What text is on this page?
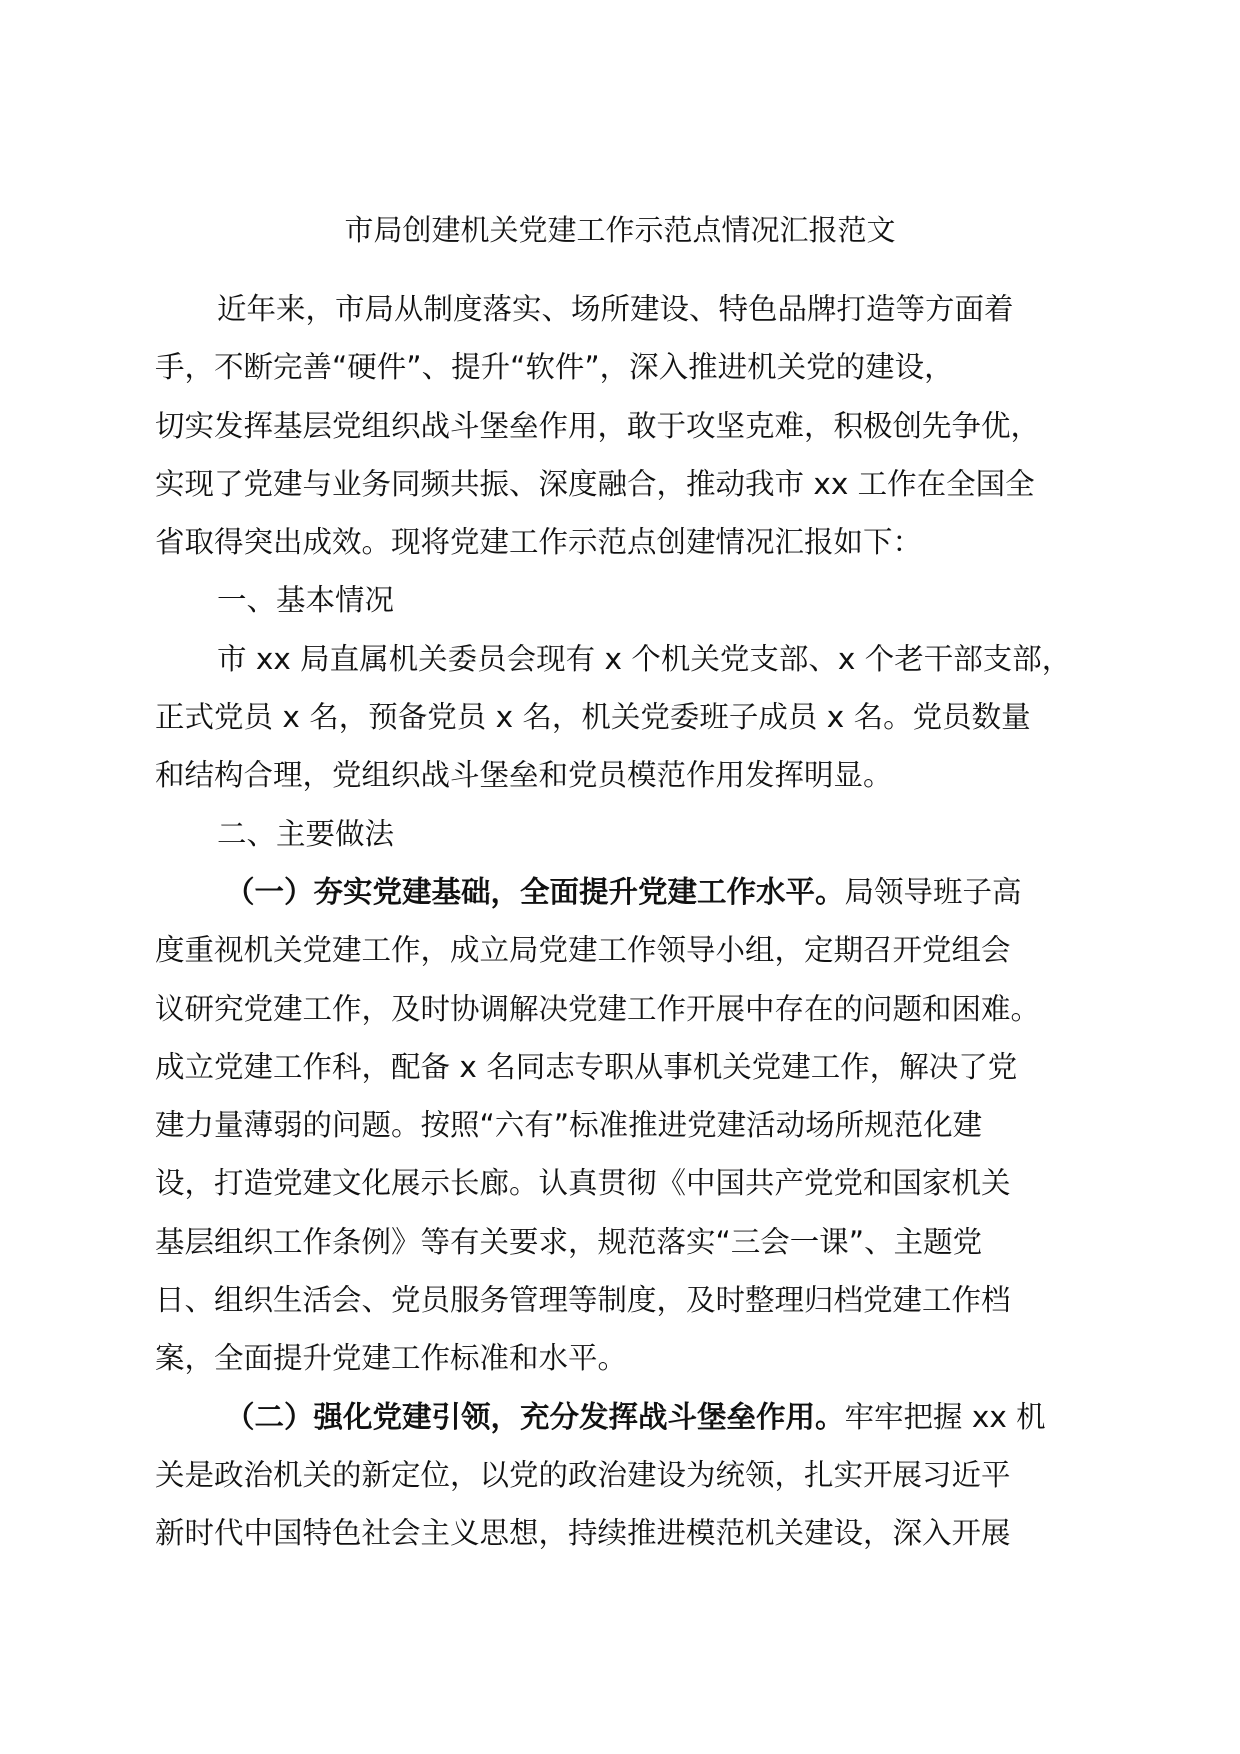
市局创建机关党建工作示范点情况汇报范文
近年来，市局从制度落实、场所建设、特色品牌打造等方面着
手，不断完善“硬件”、提升“软件”，深入推进机关党的建设，
切实发挥基层党组织战斗堡垒作用，敢于攻坚克难，积极创先争优，
实现了党建与业务同频共振、深度融合，推动我市 xx 工作在全国全
省取得突出成效。现将党建工作示范点创建情况汇报如下：
一、基本情况
市 xx 局直属机关委员会现有 x 个机关党支部、x 个老干部支部，
正式党员 x 名，预备党员 x 名，机关党委班子成员 x 名。党员数量
和结构合理，党组织战斗堡垒和党员模范作用发挥明显。
二、主要做法
（一）夯实党建基础，全面提升党建工作水平。局领导班子高
度重视机关党建工作，成立局党建工作领导小组，定期召开党组会
议研究党建工作，及时协调解决党建工作开展中存在的问题和困难。
成立党建工作科，配备 x 名同志专职从事机关党建工作，解决了党
建力量薄弱的问题。按照“六有”标准推进党建活动场所规范化建
设，打造党建文化展示长廊。认真贯彻《中国共产党党和国家机关
基层组织工作条例》等有关要求，规范落实“三会一课”、主题党
日、组织生活会、党员服务管理等制度，及时整理归档党建工作档
案，全面提升党建工作标准和水平。
（二）强化党建引领，充分发挥战斗堡垒作用。牢牢把握 xx 机
关是政治机关的新定位，以党的政治建设为统领，扎实开展习近平
新时代中国特色社会主义思想，持续推进模范机关建设，深入开展
